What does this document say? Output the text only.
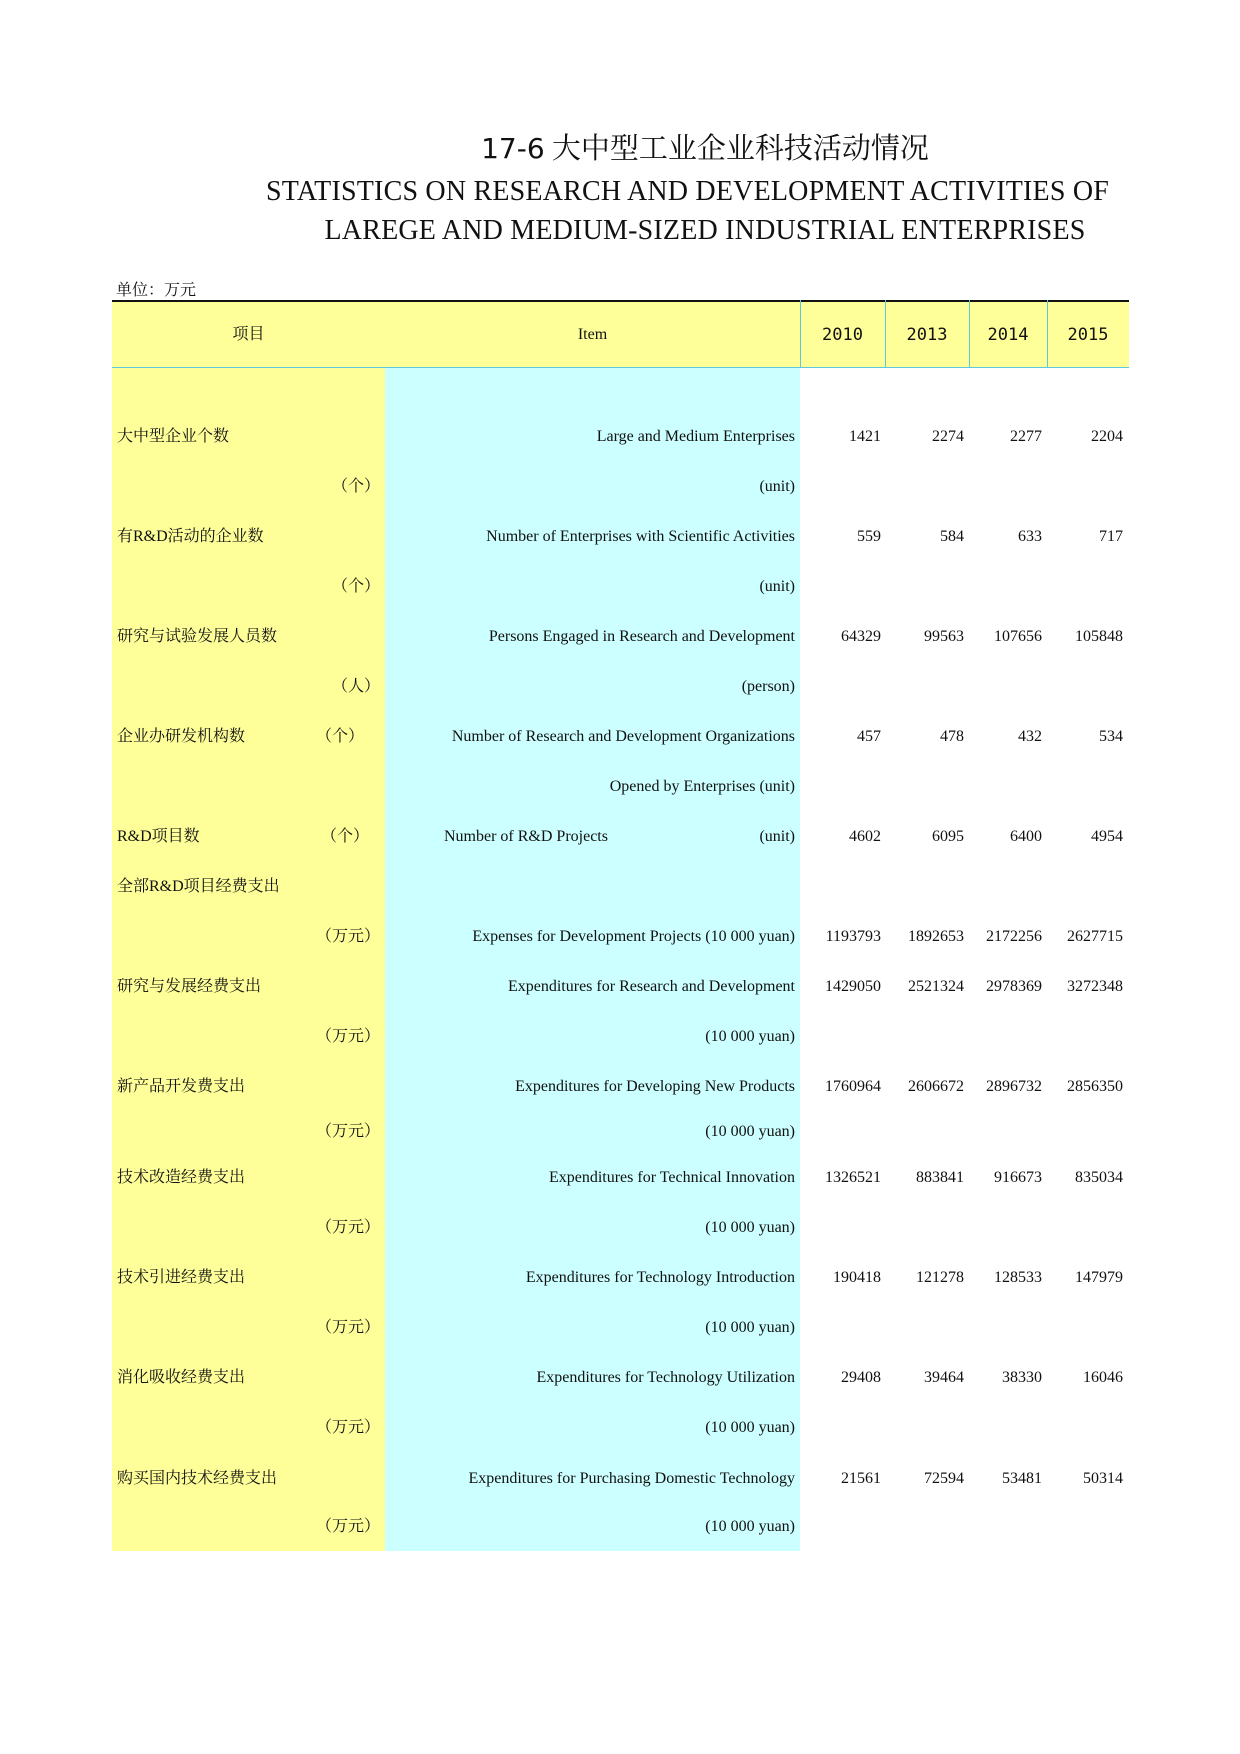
17-6 大中型工业企业科技活动情况
STATISTICS ON RESEARCH AND DEVELOPMENT ACTIVITIES OF
LAREGE AND MEDIUM-SIZED INDUSTRIAL ENTERPRISES
单位：万元
项目	Item	2010	2013	2014	2015
大中型企业个数	Large and Medium Enterprises	1421	2274	2277	2204
（个）	(unit)
有R&D活动的企业数	Number of Enterprises with Scientific Activities	559	584	633	717
（个）	(unit)
研究与试验发展人员数	Persons Engaged in Research and Development	64329	99563 107656 105848
（人）	(person)
企业办研发机构数	（个）	Number of Research and Development Organizations	457	478	432	534
Opened by Enterprises (unit)
R&D项目数	（个）	Number of R&D Projects	(unit)	4602	6095	6400	4954
全部R&D项目经费支出
（万元）	Expenses for Development Projects (10 000 yuan) 1193793 1892653 2172256 2627715
研究与发展经费支出	Expenditures for Research and Development 1429050 2521324 2978369 3272348
（万元）	(10 000 yuan)
新产品开发费支出	Expenditures for Developing New Products 1760964 2606672 2896732 2856350
（万元）	(10 000 yuan)
技术改造经费支出	Expenditures for Technical Innovation 1326521 883841 916673 835034
（万元）	(10 000 yuan)
技术引进经费支出	Expenditures for Technology Introduction 190418 121278 128533 147979
（万元）	(10 000 yuan)
消化吸收经费支出	Expenditures for Technology Utilization	29408	39464 38330	16046
（万元）	(10 000 yuan)
购买国内技术经费支出	Expenditures for Purchasing Domestic Technology	21561	72594 53481	50314
（万元）	(10 000 yuan)
